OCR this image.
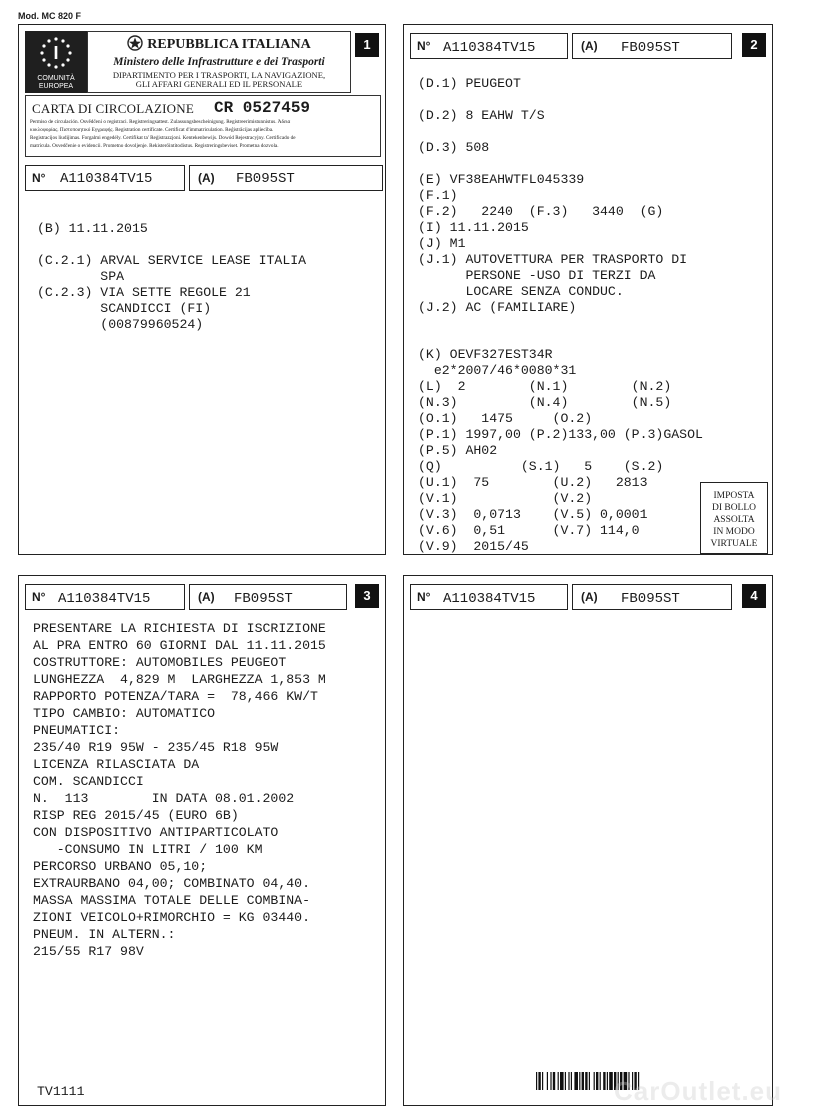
Mod. MC 820 F
1
I
COMUNITÀ
EUROPEA
REPUBBLICA ITALIANA
Ministero delle Infrastrutture e dei Trasporti
DIPARTIMENTO PER I TRASPORTI, LA NAVIGAZIONE,
GLI AFFARI GENERALI ED IL PERSONALE
CARTA DI CIRCOLAZIONE CR 0527459
Permiso de circulación. Osvědčení o registraci. Registreringsattest. Zulassungsbescheinigung. Registreerimistunnistus. Άδεια
κυκλοφορίας. Πιστοποιητικό Εγγραφής. Registration certificate. Certificat d'immatriculation. Reģistrācijas apliecība.
Registracijos liudijimas. Forgalmi engedély. Certifikat ta' Reġistrazzjoni. Kentekenbewijs. Dowód Rejestracyjny. Certificado de
matrícula. Osvedčenie o evidencii. Prometno dovoljenje. Rekisteröintitodistus. Registreringsbeviset. Prometna dozvola.
N° A110384TV15	(A) FB095ST
(B) 11.11.2015
(C.2.1) ARVAL SERVICE LEASE ITALIA
SPA
(C.2.3) VIA SETTE REGOLE 21
SCANDICCI (FI)
(00879960524)
2
N° A110384TV15	(A) FB095ST
(D.1) PEUGEOT
(D.2) 8 EAHW T/S
(D.3) 508
(E) VF38EAHWTFL045339
(F.1)
(F.2)   2240  (F.3)   3440  (G)
(I) 11.11.2015
(J) M1
(J.1) AUTOVETTURA PER TRASPORTO DI
PERSONE -USO DI TERZI DA
LOCARE SENZA CONDUC.
(J.2) AC (FAMILIARE)
(K) OEVF327EST34R
e2*2007/46*0080*31
(L)  2        (N.1)        (N.2)
(N.3)         (N.4)        (N.5)
(O.1)   1475     (O.2)
(P.1) 1997,00 (P.2)133,00 (P.3)GASOL
(P.5) AH02
(Q)          (S.1)   5    (S.2)
(U.1)  75        (U.2)   2813
(V.1)            (V.2)
(V.3)  0,0713    (V.5) 0,0001
(V.6)  0,51      (V.7) 114,0
(V.9)  2015/45
IMPOSTA
DI BOLLO
ASSOLTA
IN MODO
VIRTUALE
3
N° A110384TV15	(A) FB095ST
PRESENTARE LA RICHIESTA DI ISCRIZIONE
AL PRA ENTRO 60 GIORNI DAL 11.11.2015
COSTRUTTORE: AUTOMOBILES PEUGEOT
LUNGHEZZA  4,829 M  LARGHEZZA 1,853 M
RAPPORTO POTENZA/TARA =  78,466 KW/T
TIPO CAMBIO: AUTOMATICO
PNEUMATICI:
235/40 R19 95W - 235/45 R18 95W
LICENZA RILASCIATA DA
COM. SCANDICCI
N.  113        IN DATA 08.01.2002
RISP REG 2015/45 (EURO 6B)
CON DISPOSITIVO ANTIPARTICOLATO
-CONSUMO IN LITRI / 100 KM
PERCORSO URBANO 05,10;
EXTRAURBANO 04,00; COMBINATO 04,40.
MASSA MASSIMA TOTALE DELLE COMBINA-
ZIONI VEICOLO+RIMORCHIO = KG 03440.
PNEUM. IN ALTERN.:
215/55 R17 98V
TV1111
4
N° A110384TV15	(A) FB095ST
CarOutlet.eu
